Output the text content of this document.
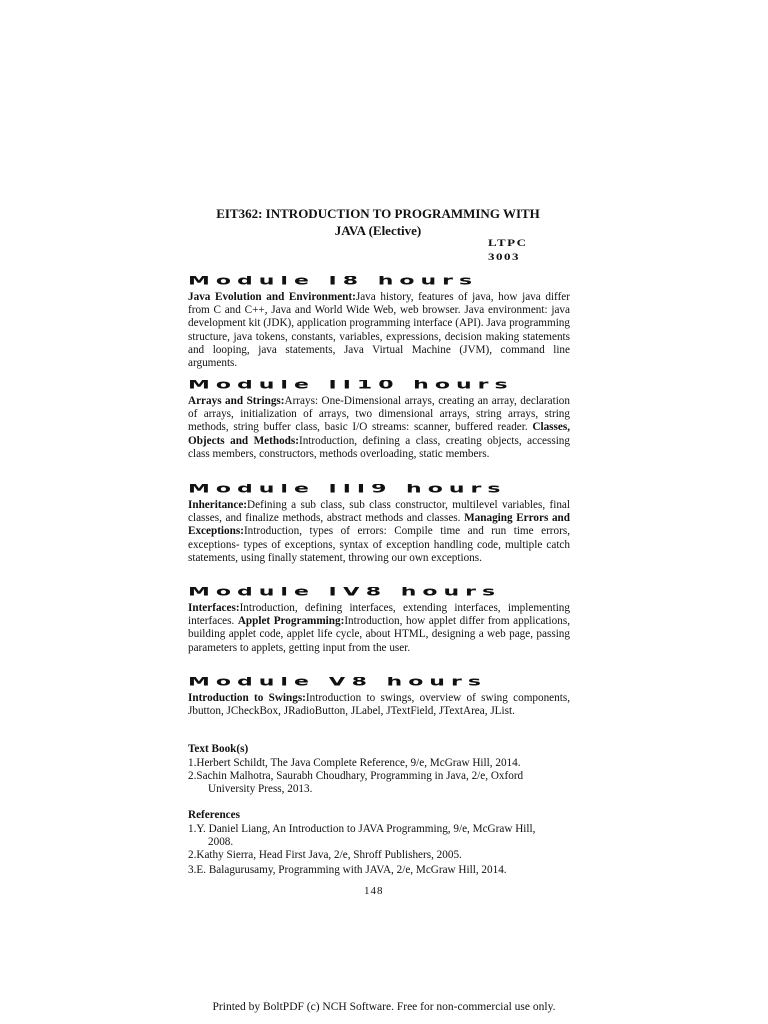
EIT362: INTRODUCTION TO PROGRAMMING WITH
JAVA (Elective)
LTPC
3003
Module I8 hours
Java Evolution and Environment:Java history, features of java, how java differ from C and C++, Java and World Wide Web, web browser. Java environment: java development kit (JDK), application programming interface (API). Java programming structure, java tokens, constants, variables, expressions, decision making statements and looping, java statements, Java Virtual Machine (JVM), command line arguments.
Module II10 hours
Arrays and Strings:Arrays: One-Dimensional arrays, creating an array, declaration of arrays, initialization of arrays, two dimensional arrays, string arrays, string methods, string buffer class, basic I/O streams: scanner, buffered reader. Classes, Objects and Methods:Introduction, defining a class, creating objects, accessing class members, constructors, methods overloading, static members.
Module III9 hours
Inheritance:Defining a sub class, sub class constructor, multilevel variables, final classes, and finalize methods, abstract methods and classes. Managing Errors and Exceptions:Introduction, types of errors: Compile time and run time errors, exceptions- types of exceptions, syntax of exception handling code, multiple catch statements, using finally statement, throwing our own exceptions.
Module IV8 hours
Interfaces:Introduction, defining interfaces, extending interfaces, implementing interfaces. Applet Programming:Introduction, how applet differ from applications, building applet code, applet life cycle, about HTML, designing a web page, passing parameters to applets, getting input from the user.
Module V8 hours
Introduction to Swings:Introduction to swings, overview of swing components, Jbutton, JCheckBox, JRadioButton, JLabel, JTextField, JTextArea, JList.
Text Book(s)
1.Herbert Schildt, The Java Complete Reference, 9/e, McGraw Hill, 2014.
2.Sachin Malhotra, Saurabh Choudhary, Programming in Java, 2/e, Oxford
University Press, 2013.
References
1.Y. Daniel Liang, An Introduction to JAVA Programming, 9/e, McGraw Hill,
2008.
2.Kathy Sierra, Head First Java, 2/e, Shroff Publishers, 2005.
3.E. Balagurusamy, Programming with JAVA, 2/e, McGraw Hill, 2014.
148
Printed by BoltPDF (c) NCH Software. Free for non-commercial use only.
